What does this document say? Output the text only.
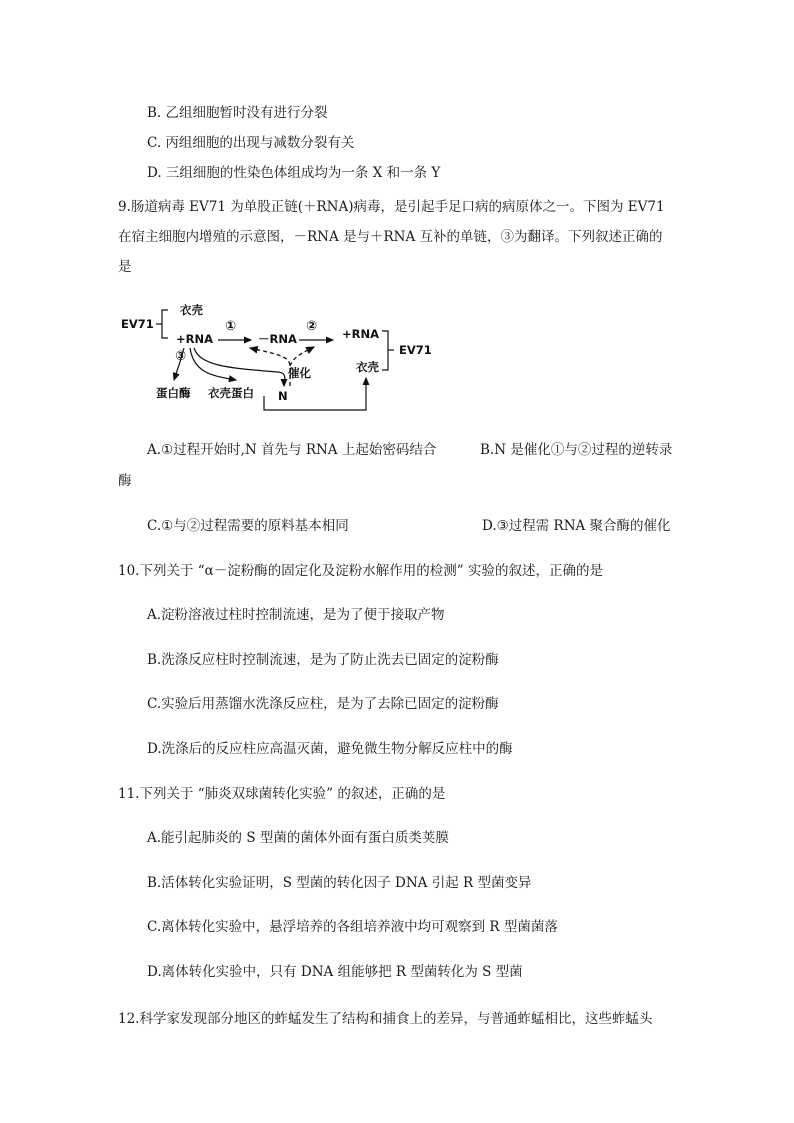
B. 乙组细胞暂时没有进行分裂
C. 丙组细胞的出现与减数分裂有关
D. 三组细胞的性染色体组成均为一条 X 和一条 Y
9.肠道病毒 EV71 为单股正链(＋RNA)病毒，是引起手足口病的病原体之一。下图为 EV71
在宿主细胞内增殖的示意图，－RNA 是与＋RNA 互补的单链，③为翻译。下列叙述正确的
是
EV71
衣壳
+RNA
①
－RNA
② +RNA
EV71
衣壳
③
蛋白酶 衣壳蛋白 N
催化
A.①过程开始时,N 首先与 RNA 上起始密码结合	B.N 是催化①与②过程的逆转录
酶
C.①与②过程需要的原料基本相同	D.③过程需 RNA 聚合酶的催化
10.下列关于 “α－淀粉酶的固定化及淀粉水解作用的检测” 实验的叙述，正确的是
A.淀粉溶液过柱时控制流速，是为了便于接取产物
B.洗涤反应柱时控制流速，是为了防止洗去已固定的淀粉酶
C.实验后用蒸馏水洗涤反应柱，是为了去除已固定的淀粉酶
D.洗涤后的反应柱应高温灭菌，避免微生物分解反应柱中的酶
11.下列关于 “肺炎双球菌转化实验” 的叙述，正确的是
A.能引起肺炎的 S 型菌的菌体外面有蛋白质类荚膜
B.活体转化实验证明，S 型菌的转化因子 DNA 引起 R 型菌变异
C.离体转化实验中，悬浮培养的各组培养液中均可观察到 R 型菌菌落
D.离体转化实验中，只有 DNA 组能够把 R 型菌转化为 S 型菌
12.科学家发现部分地区的蚱蜢发生了结构和捕食上的差异，与普通蚱蜢相比，这些蚱蜢头
